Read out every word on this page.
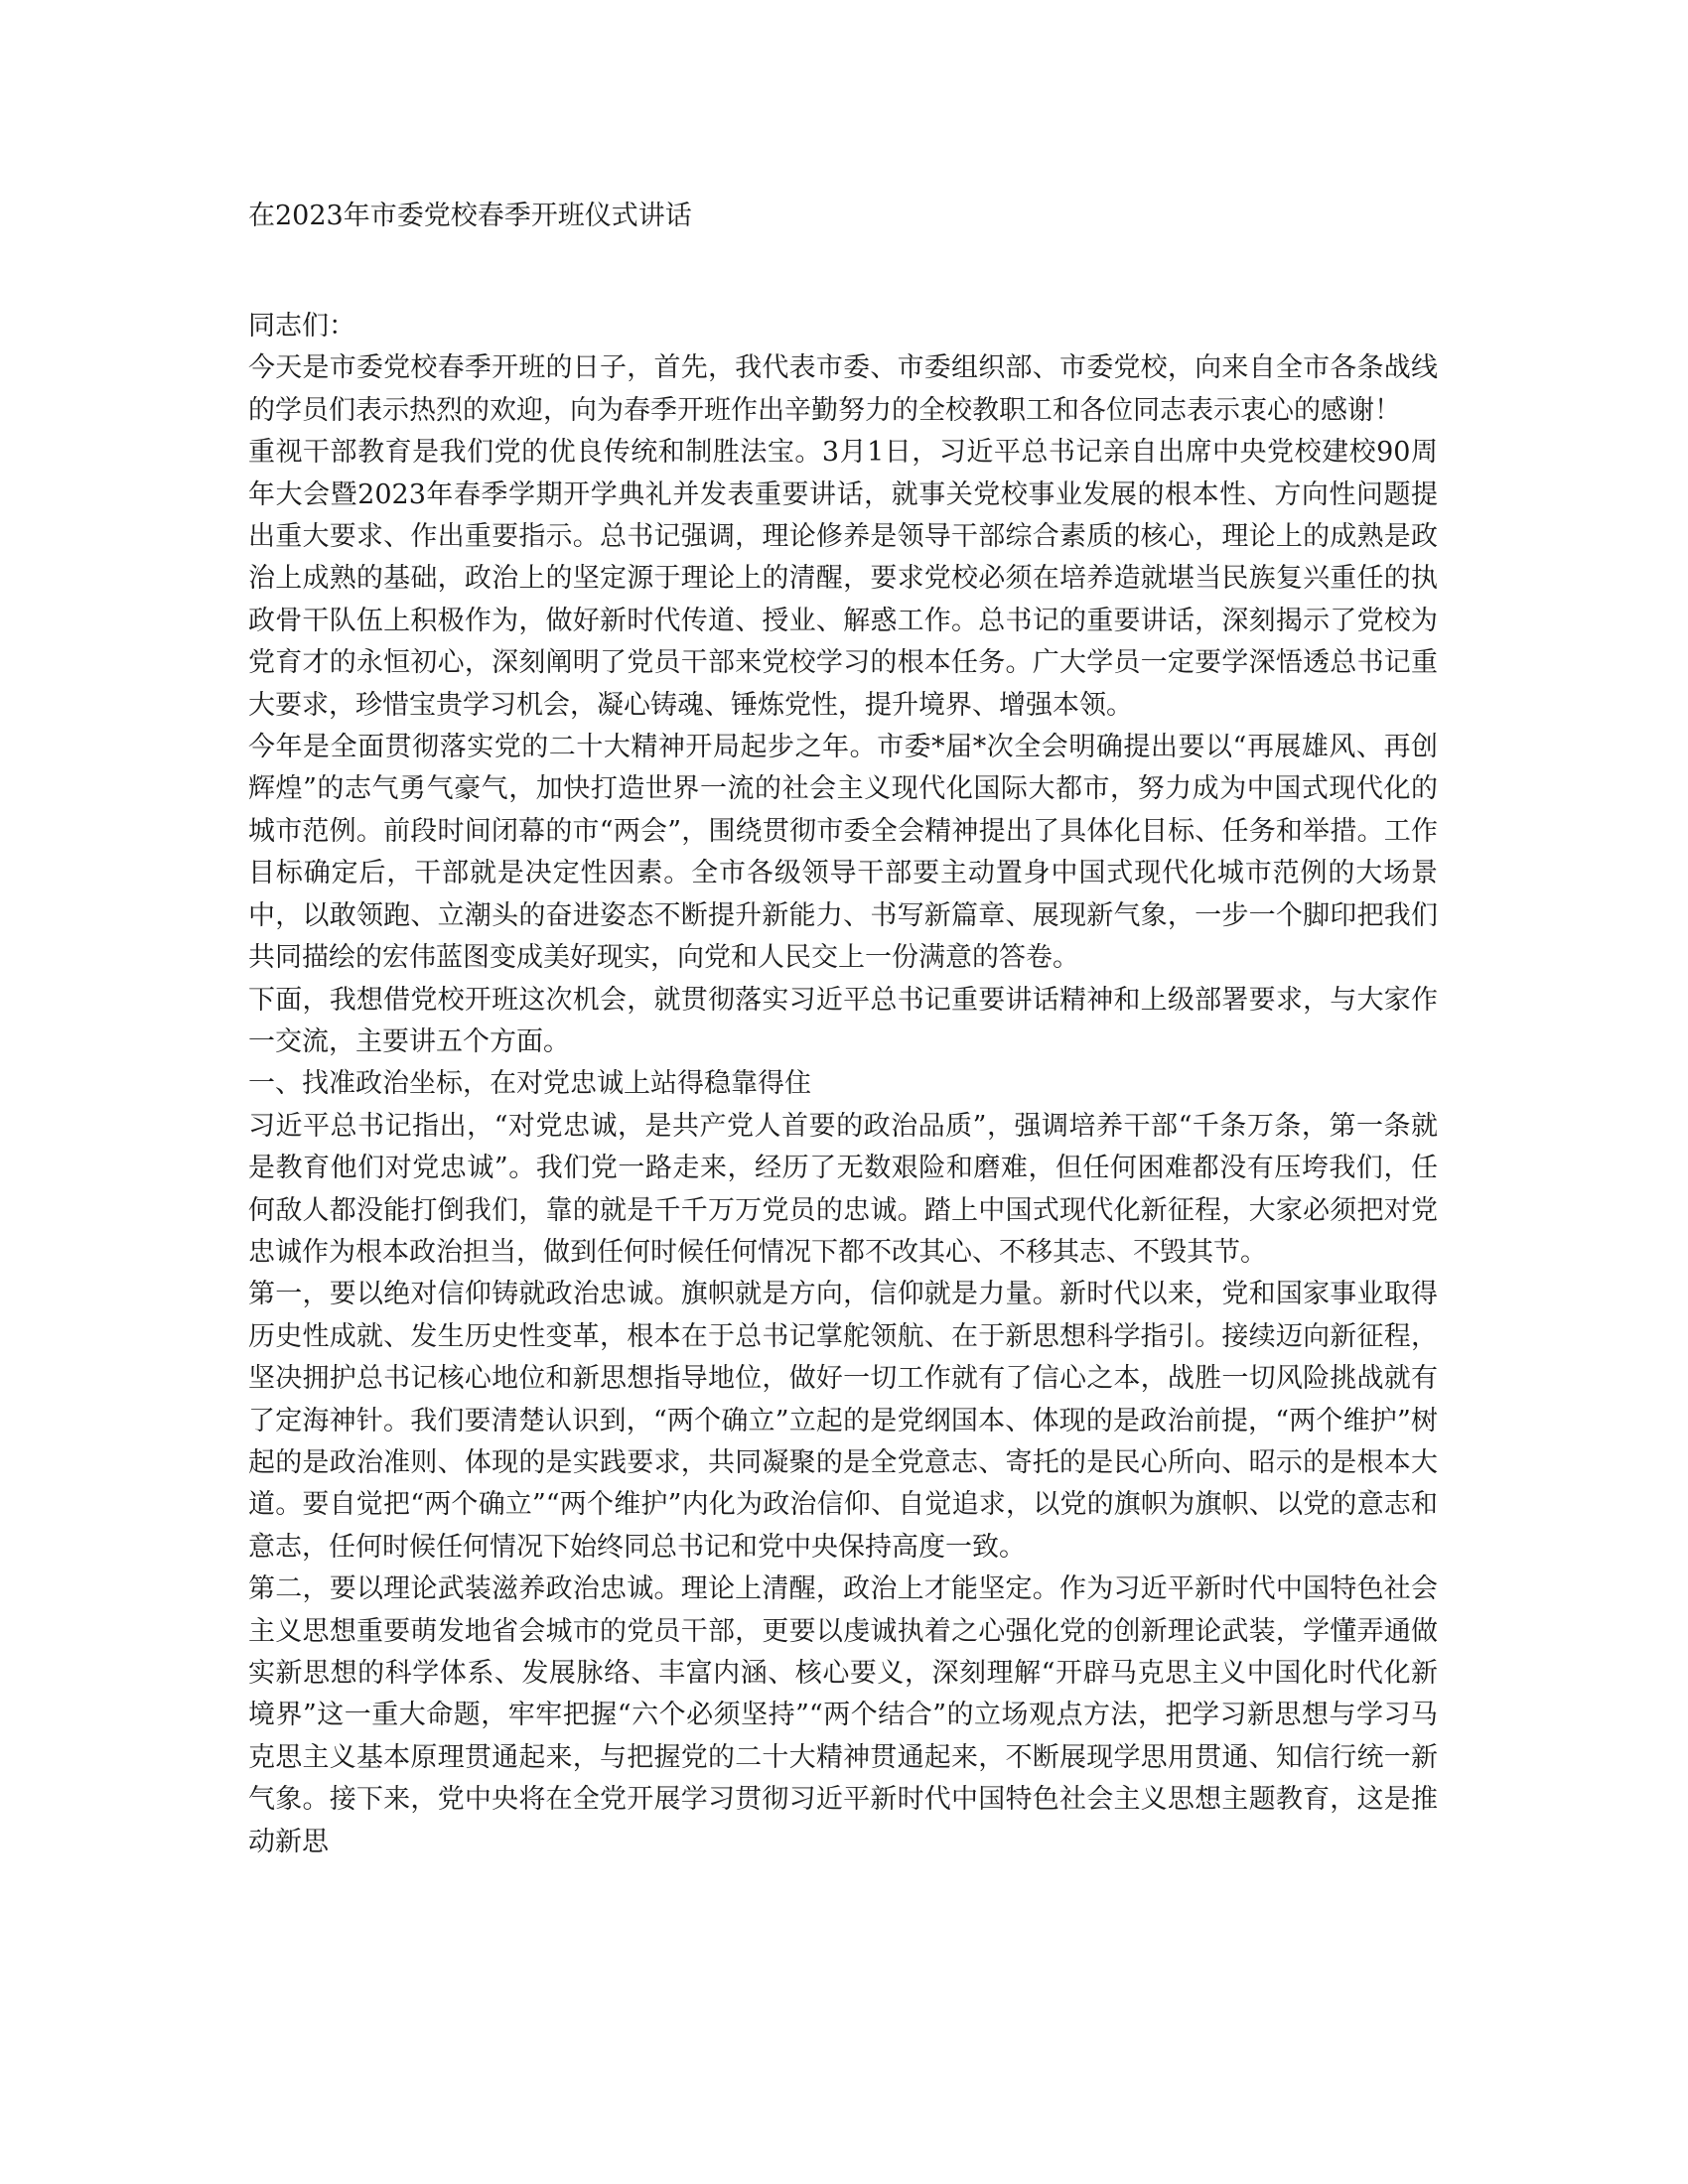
在2023年市委党校春季开班仪式讲话

同志们：

今天是市委党校春季开班的日子，首先，我代表市委、市委组织部、市委党校，向来自全市各条战线的学员们表示热烈的欢迎，向为春季开班作出辛勤努力的全校教职工和各位同志表示衷心的感谢！

重视干部教育是我们党的优良传统和制胜法宝。3月1日，习近平总书记亲自出席中央党校建校90周年大会暨2023年春季学期开学典礼并发表重要讲话，就事关党校事业发展的根本性、方向性问题提出重大要求、作出重要指示。总书记强调，理论修养是领导干部综合素质的核心，理论上的成熟是政治上成熟的基础，政治上的坚定源于理论上的清醒，要求党校必须在培养造就堪当民族复兴重任的执政骨干队伍上积极作为，做好新时代传道、授业、解惑工作。总书记的重要讲话，深刻揭示了党校为党育才的永恒初心，深刻阐明了党员干部来党校学习的根本任务。广大学员一定要学深悟透总书记重大要求，珍惜宝贵学习机会，凝心铸魂、锤炼党性，提升境界、增强本领。

今年是全面贯彻落实党的二十大精神开局起步之年。市委*届*次全会明确提出要以“再展雄风、再创辉煌”的志气勇气豪气，加快打造世界一流的社会主义现代化国际大都市，努力成为中国式现代化的城市范例。前段时间闭幕的市“两会”，围绕贯彻市委全会精神提出了具体化目标、任务和举措。工作目标确定后，干部就是决定性因素。全市各级领导干部要主动置身中国式现代化城市范例的大场景中，以敢领跑、立潮头的奋进姿态不断提升新能力、书写新篇章、展现新气象，一步一个脚印把我们共同描绘的宏伟蓝图变成美好现实，向党和人民交上一份满意的答卷。

下面，我想借党校开班这次机会，就贯彻落实习近平总书记重要讲话精神和上级部署要求，与大家作一交流，主要讲五个方面。

一、找准政治坐标，在对党忠诚上站得稳靠得住

习近平总书记指出，“对党忠诚，是共产党人首要的政治品质”，强调培养干部“千条万条，第一条就是教育他们对党忠诚”。我们党一路走来，经历了无数艰险和磨难，但任何困难都没有压垮我们，任何敌人都没能打倒我们，靠的就是千千万万党员的忠诚。踏上中国式现代化新征程，大家必须把对党忠诚作为根本政治担当，做到任何时候任何情况下都不改其心、不移其志、不毁其节。

第一，要以绝对信仰铸就政治忠诚。旗帜就是方向，信仰就是力量。新时代以来，党和国家事业取得历史性成就、发生历史性变革，根本在于总书记掌舵领航、在于新思想科学指引。接续迈向新征程，坚决拥护总书记核心地位和新思想指导地位，做好一切工作就有了信心之本，战胜一切风险挑战就有了定海神针。我们要清楚认识到，“两个确立”立起的是党纲国本、体现的是政治前提，“两个维护”树起的是政治准则、体现的是实践要求，共同凝聚的是全党意志、寄托的是民心所向、昭示的是根本大道。要自觉把“两个确立”“两个维护”内化为政治信仰、自觉追求，以党的旗帜为旗帜、以党的意志和意志，任何时候任何情况下始终同总书记和党中央保持高度一致。

第二，要以理论武装滋养政治忠诚。理论上清醒，政治上才能坚定。作为习近平新时代中国特色社会主义思想重要萌发地省会城市的党员干部，更要以虔诚执着之心强化党的创新理论武装，学懂弄通做实新思想的科学体系、发展脉络、丰富内涵、核心要义，深刻理解“开辟马克思主义中国化时代化新境界”这一重大命题，牢牢把握“六个必须坚持”“两个结合”的立场观点方法，把学习新思想与学习马克思主义基本原理贯通起来，与把握党的二十大精神贯通起来，不断展现学思用贯通、知信行统一新气象。接下来，党中央将在全党开展学习贯彻习近平新时代中国特色社会主义思想主题教育，这是推动新思
